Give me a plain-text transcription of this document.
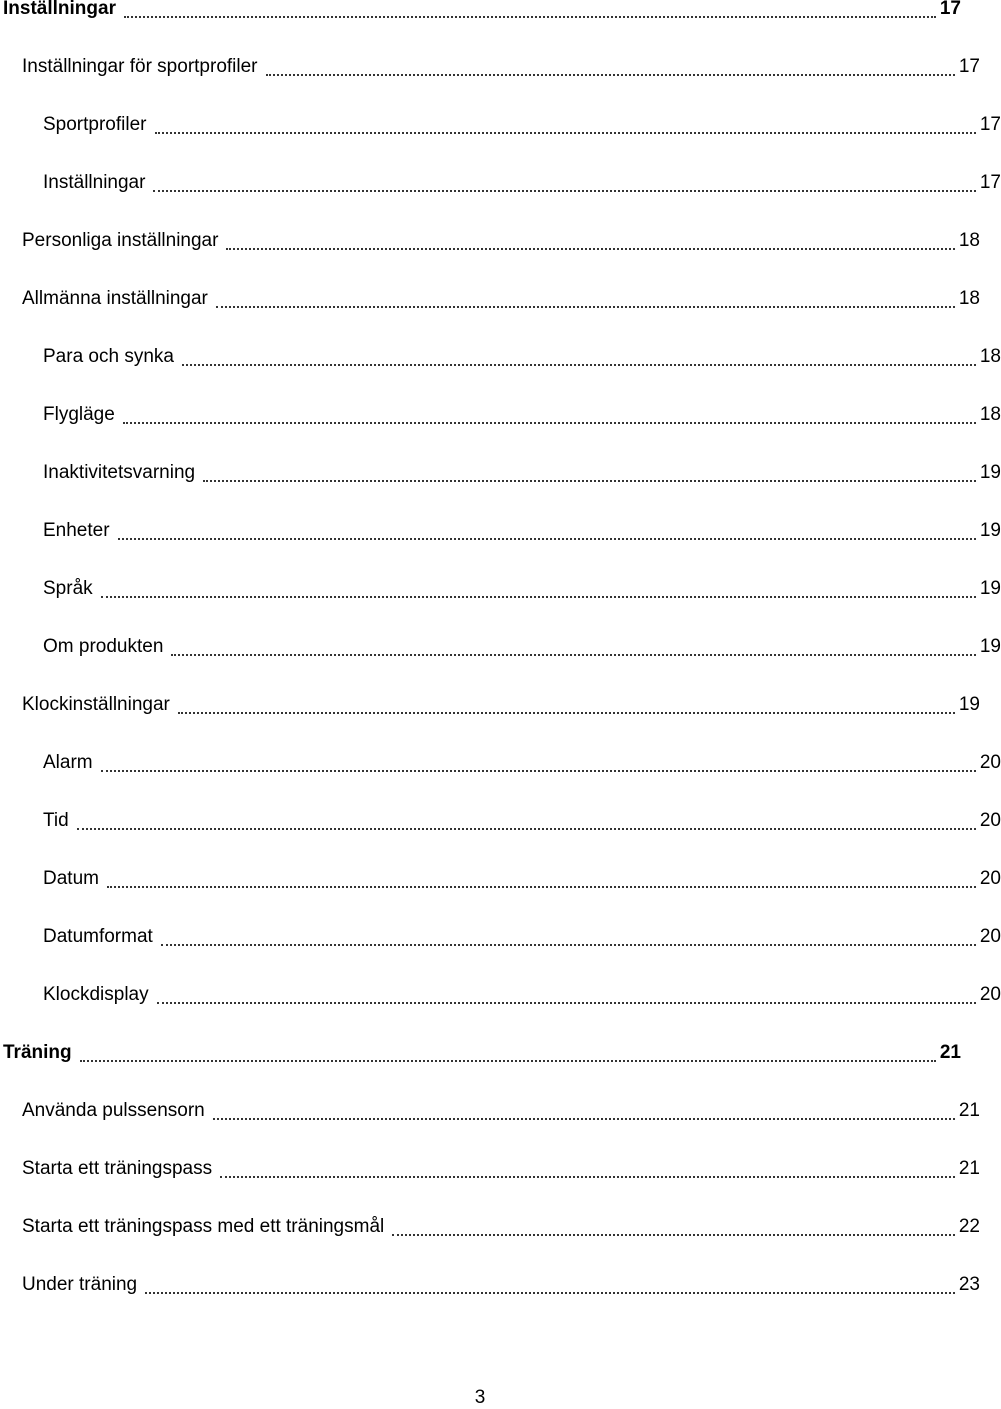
Inställningar	17
Inställningar för sportprofiler	17
Sportprofiler	17
Inställningar	17
Personliga inställningar	18
Allmänna inställningar	18
Para och synka	18
Flygläge	18
Inaktivitetsvarning	19
Enheter	19
Språk	19
Om produkten	19
Klockinställningar	19
Alarm	20
Tid	20
Datum	20
Datumformat	20
Klockdisplay	20
Träning	21
Använda pulssensorn	21
Starta ett träningspass	21
Starta ett träningspass med ett träningsmål	22
Under träning	23
3
